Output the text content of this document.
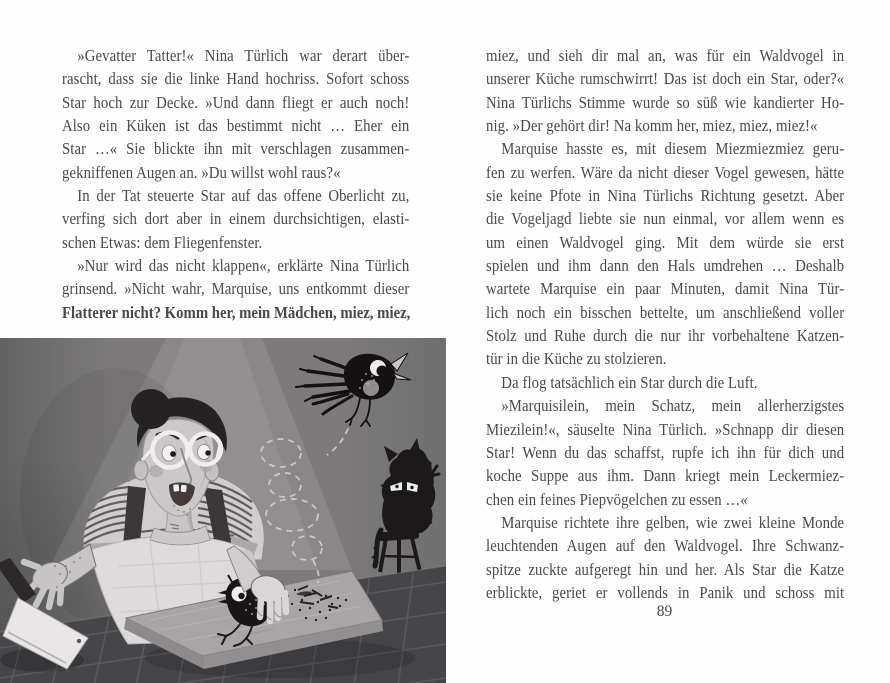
»Gevatter Tatter!« Nina Türlich war derart über-
rascht, dass sie die linke Hand hochriss. Sofort schoss
Star hoch zur Decke. »Und dann fliegt er auch noch!
Also ein Küken ist das bestimmt nicht … Eher ein
Star …« Sie blickte ihn mit verschlagen zusammen-
gekniffenen Augen an. »Du willst wohl raus?«
In der Tat steuerte Star auf das offene Oberlicht zu,
verfing sich dort aber in einem durchsichtigen, elasti-
schen Etwas: dem Fliegenfenster.
»Nur wird das nicht klappen«, erklärte Nina Türlich
grinsend. »Nicht wahr, Marquise, uns entkommt dieser
Flatterer nicht? Komm her, mein Mädchen, miez, miez,
miez, und sieh dir mal an, was für ein Waldvogel in
unserer Küche rumschwirrt! Das ist doch ein Star, oder?«
Nina Türlichs Stimme wurde so süß wie kandierter Ho-
nig. »Der gehört dir! Na komm her, miez, miez, miez!«
Marquise hasste es, mit diesem Miezmiezmiez geru-
fen zu werfen. Wäre da nicht dieser Vogel gewesen, hätte
sie keine Pfote in Nina Türlichs Richtung gesetzt. Aber
die Vogeljagd liebte sie nun einmal, vor allem wenn es
um einen Waldvogel ging. Mit dem würde sie erst
spielen und ihm dann den Hals umdrehen … Deshalb
wartete Marquise ein paar Minuten, damit Nina Tür-
lich noch ein bisschen bettelte, um anschließend voller
Stolz und Ruhe durch die nur ihr vorbehaltene Katzen-
tür in die Küche zu stolzieren.
Da flog tatsächlich ein Star durch die Luft.
»Marquisilein, mein Schatz, mein allerherzigstes
Miezilein!«, säuselte Nina Türlich. »Schnapp dir diesen
Star! Wenn du das schaffst, rupfe ich ihn für dich und
koche Suppe aus ihm. Dann kriegt mein Leckermiez-
chen ein feines Piepvögelchen zu essen …«
Marquise richtete ihre gelben, wie zwei kleine Monde
leuchtenden Augen auf den Waldvogel. Ihre Schwanz-
spitze zuckte aufgeregt hin und her. Als Star die Katze
erblickte, geriet er vollends in Panik und schoss mit
89
